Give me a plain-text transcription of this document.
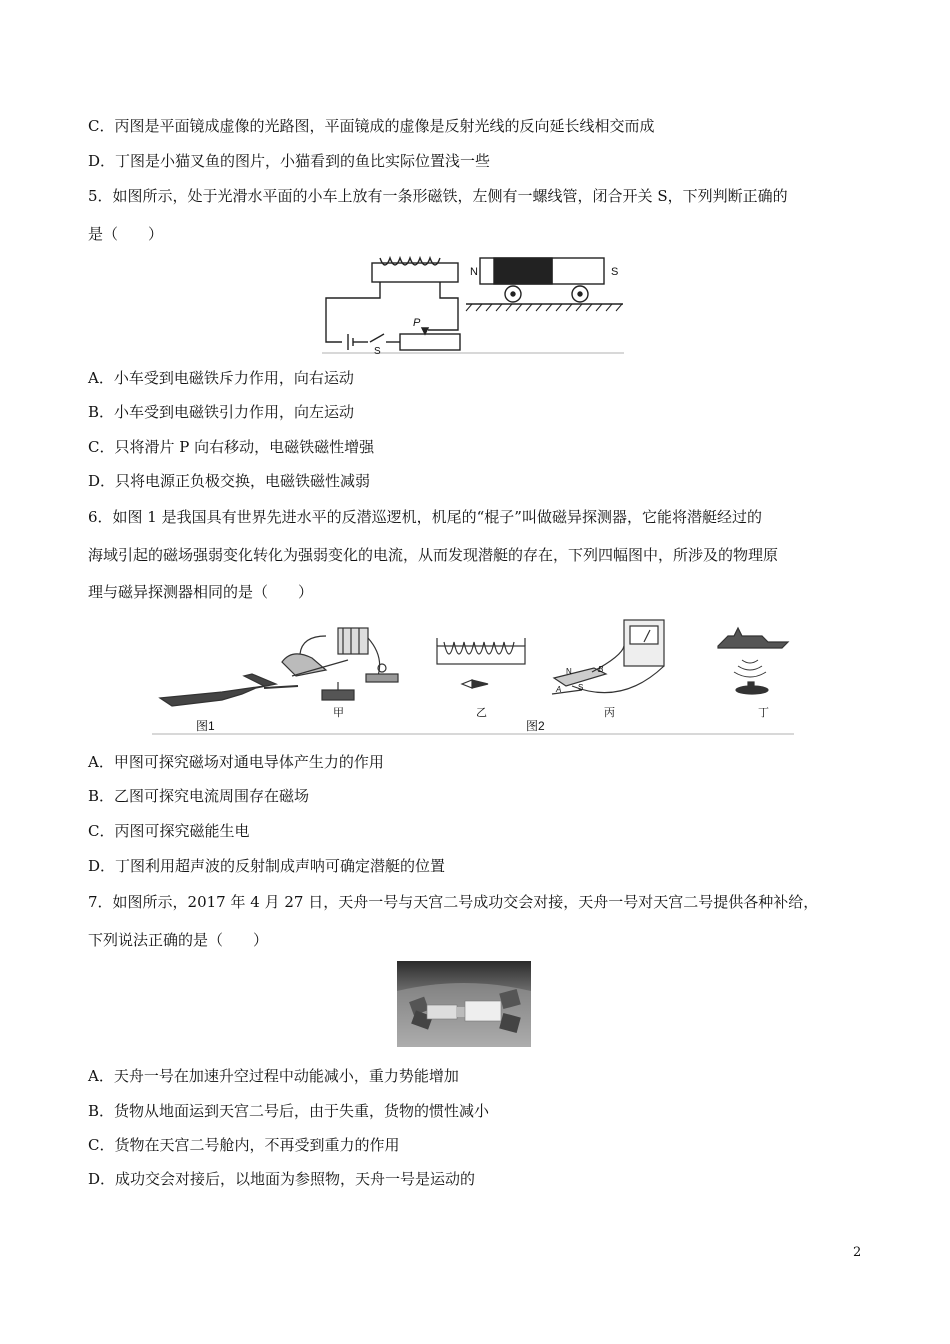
C．丙图是平面镜成虚像的光路图，平面镜成的虚像是反射光线的反向延长线相交而成
D．丁图是小猫叉鱼的图片，小猫看到的鱼比实际位置浅一些
5．如图所示，处于光滑水平面的小车上放有一条形磁铁，左侧有一螺线管，闭合开关 S，下列判断正确的
是（　　）
N	S
P
S
A．小车受到电磁铁斥力作用，向右运动
B．小车受到电磁铁引力作用，向左运动
C．只将滑片 P 向右移动，电磁铁磁性增强
D．只将电源正负极交换，电磁铁磁性减弱
6．如图 1 是我国具有世界先进水平的反潜巡逻机，机尾的“棍子”叫做磁异探测器，它能将潜艇经过的
海域引起的磁场强弱变化转化为强弱变化的电流，从而发现潜艇的存在，下列四幅图中，所涉及的物理原
理与磁异探测器相同的是（　　）
图1
甲	乙
图2
丙	丁
N	B
A S
A．甲图可探究磁场对通电导体产生力的作用
B．乙图可探究电流周围存在磁场
C．丙图可探究磁能生电
D．丁图利用超声波的反射制成声呐可确定潜艇的位置
7．如图所示，2017 年 4 月 27 日，天舟一号与天宫二号成功交会对接，天舟一号对天宫二号提供各种补给，
下列说法正确的是（　　）
A．天舟一号在加速升空过程中动能减小，重力势能增加
B．货物从地面运到天宫二号后，由于失重，货物的惯性减小
C．货物在天宫二号舱内，不再受到重力的作用
D．成功交会对接后，以地面为参照物，天舟一号是运动的
2
